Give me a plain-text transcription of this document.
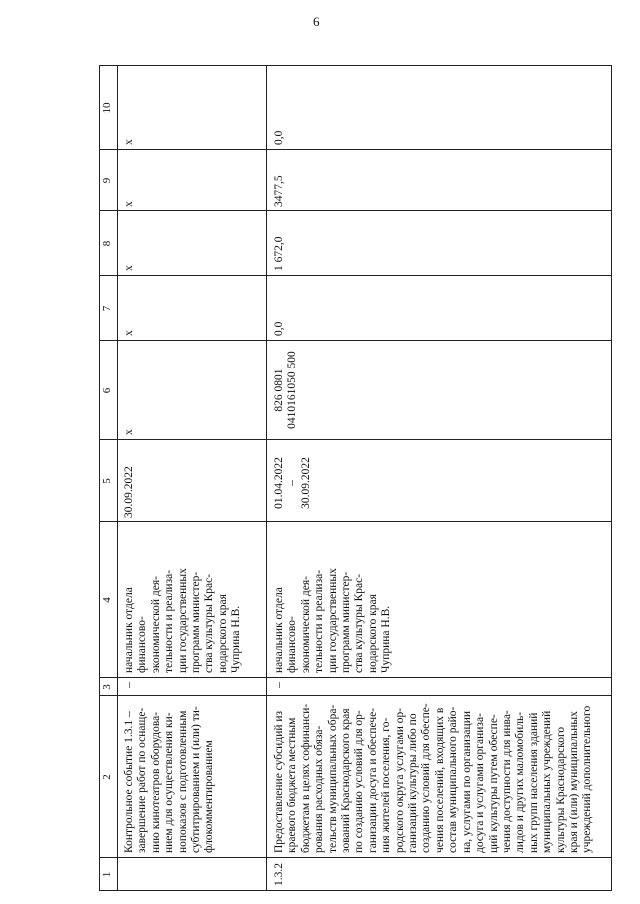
6
1
2
3
4
5
6
7
8
9
10
Контрольное событие 1.3.1 –
завершение работ по оснаще-
нию кинотеатров оборудова-
нием для осуществления ки-
нопоказов с подготовленным
субтитрированием и (или) ти-
флокомментированием
–
начальник отдела
финансово-
экономической дея-
тельности и реализа-
ции государственных
программ министер-
ства культуры Крас-
нодарского края
Чуприна Н.В.
30.09.2022
x
x
x
x
x
1.3.2
Предоставление субсидий из
краевого бюджета местным
бюджетам в целях софинанси-
рования расходных обяза-
тельств муниципальных обра-
зований Краснодарского края
по созданию условий для ор-
ганизации досуга и обеспече-
ния жителей поселения, го-
родского округа услугами ор-
ганизаций культуры либо по
созданию условий для обеспе-
чения поселений, входящих в
состав муниципального райо-
на, услугами по организации
досуга и услугами организа-
ций культуры путем обеспе-
чения доступности для инва-
лидов и других маломобиль-
ных групп населения зданий
муниципальных учреждений
культуры Краснодарского
края и (или) муниципальных
учреждений дополнительного
–
начальник отдела
финансово-
экономической дея-
тельности и реализа-
ции государственных
программ министер-
ства культуры Крас-
нодарского края
Чуприна Н.В.
01.04.2022
–
30.09.2022
826 0801
0410161050 500
0,0
1 672,0
3477,5
0,0
